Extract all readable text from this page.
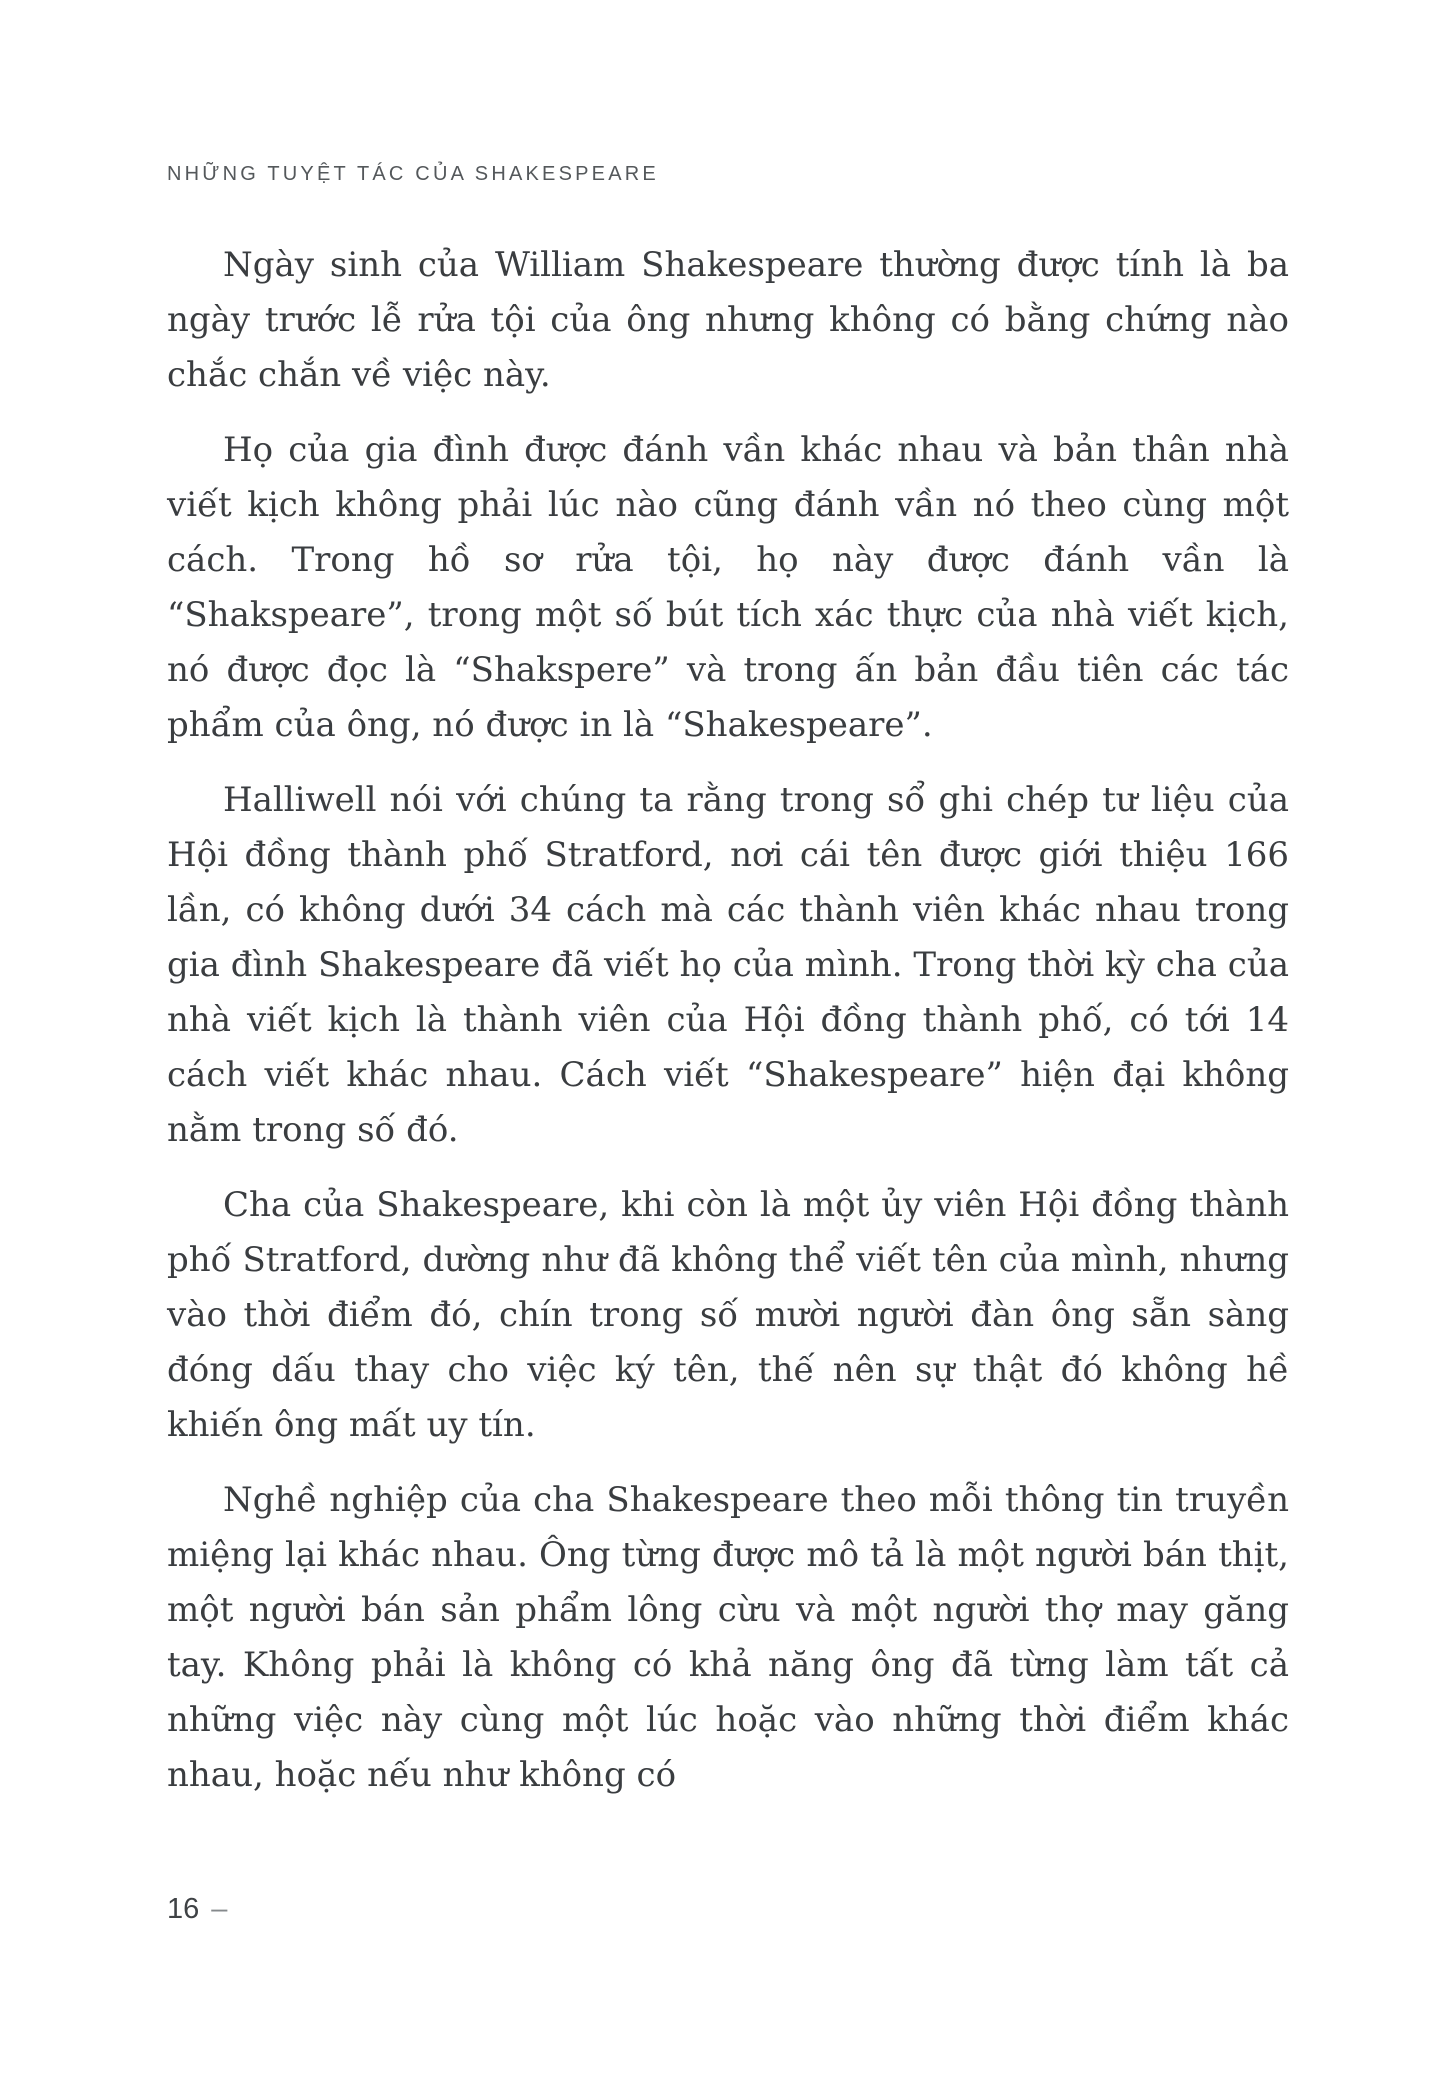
NHỮNG TUYỆT TÁC CỦA SHAKESPEARE

Ngày sinh của William Shakespeare thường được tính là ba ngày trước lễ rửa tội của ông nhưng không có bằng chứng nào chắc chắn về việc này.

Họ của gia đình được đánh vần khác nhau và bản thân nhà viết kịch không phải lúc nào cũng đánh vần nó theo cùng một cách. Trong hồ sơ rửa tội, họ này được đánh vần là “Shakspeare”, trong một số bút tích xác thực của nhà viết kịch, nó được đọc là “Shakspere” và trong ấn bản đầu tiên các tác phẩm của ông, nó được in là “Shakespeare”.

Halliwell nói với chúng ta rằng trong sổ ghi chép tư liệu của Hội đồng thành phố Stratford, nơi cái tên được giới thiệu 166 lần, có không dưới 34 cách mà các thành viên khác nhau trong gia đình Shakespeare đã viết họ của mình. Trong thời kỳ cha của nhà viết kịch là thành viên của Hội đồng thành phố, có tới 14 cách viết khác nhau. Cách viết “Shakespeare” hiện đại không nằm trong số đó.

Cha của Shakespeare, khi còn là một ủy viên Hội đồng thành phố Stratford, dường như đã không thể viết tên của mình, nhưng vào thời điểm đó, chín trong số mười người đàn ông sẵn sàng đóng dấu thay cho việc ký tên, thế nên sự thật đó không hề khiến ông mất uy tín.

Nghề nghiệp của cha Shakespeare theo mỗi thông tin truyền miệng lại khác nhau. Ông từng được mô tả là một người bán thịt, một người bán sản phẩm lông cừu và một người thợ may găng tay. Không phải là không có khả năng ông đã từng làm tất cả những việc này cùng một lúc hoặc vào những thời điểm khác nhau, hoặc nếu như không có

16 –
